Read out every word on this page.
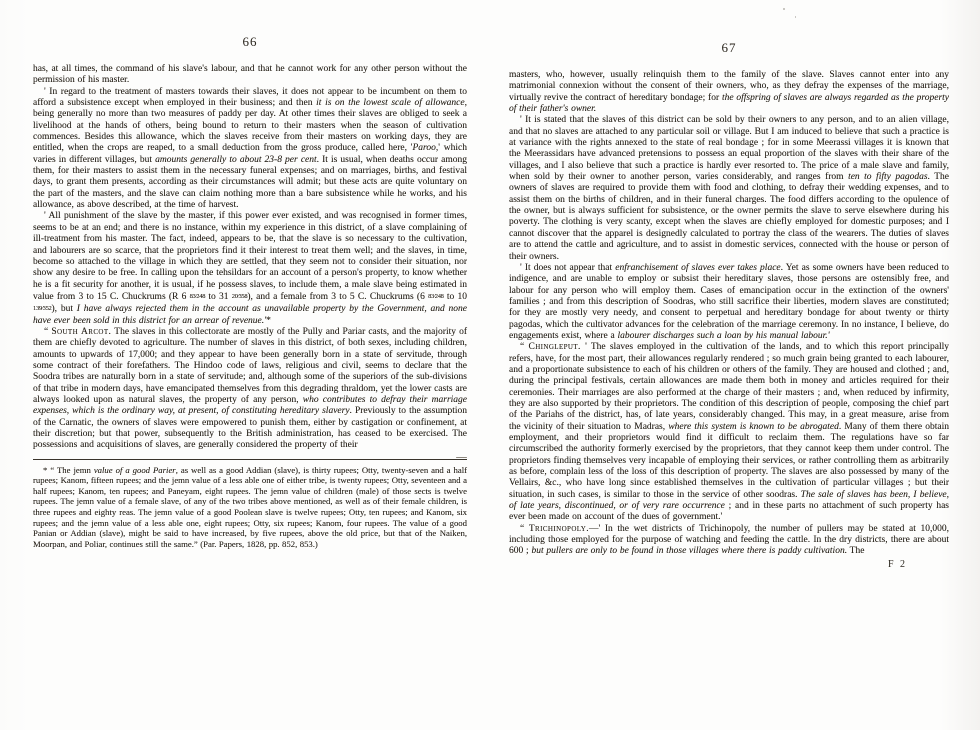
66

has, at all times, the command of his slave's labour, and that he cannot work for any other person without the permission of his master.

' In regard to the treatment of masters towards their slaves, it does not appear to be incumbent on them to afford a subsistence except when employed in their business; and then it is on the lowest scale of allowance, being generally no more than two measures of paddy per day. At other times their slaves are obliged to seek a livelihood at the hands of others, being bound to return to their masters when the season of cultivation commences. Besides this allowance, which the slaves receive from their masters on working days, they are entitled, when the crops are reaped, to a small deduction from the gross produce, called here, 'Paroo,' which varies in different villages, but amounts generally to about 23-8 per cent. It is usual, when deaths occur among them, for their masters to assist them in the necessary funeral expenses; and on marriages, births, and festival days, to grant them presents, according as their circumstances will admit; but these acts are quite voluntary on the part of the masters, and the slave can claim nothing more than a bare subsistence while he works, and his allowance, as above described, at the time of harvest.

' All punishment of the slave by the master, if this power ever existed, and was recognised in former times, seems to be at an end; and there is no instance, within my experience in this district, of a slave complaining of ill-treatment from his master. The fact, indeed, appears to be, that the slave is so necessary to the cultivation, and labourers are so scarce, that the proprietors find it their interest to treat them well; and the slaves, in time, become so attached to the village in which they are settled, that they seem not to consider their situation, nor show any desire to be free. In calling upon the tehsildars for an account of a person's property, to know whether he is a fit security for another, it is usual, if he possess slaves, to include them, a male slave being estimated in value from 3 to 15 C. Chuckrums (R 6 83⁄248 to 31 20⁄358), and a female from 3 to 5 C. Chuckrums (6 83⁄248 to 10 139⁄352), but I have always rejected them in the account as unavailable property by the Government, and none have ever been sold in this district for an arrear of revenue.'*

“ South Arcot. The slaves in this collectorate are mostly of the Pully and Pariar casts, and the majority of them are chiefly devoted to agriculture. The number of slaves in this district, of both sexes, including children, amounts to upwards of 17,000; and they appear to have been generally born in a state of servitude, through some contract of their forefathers. The Hindoo code of laws, religious and civil, seems to declare that the Soodra tribes are naturally born in a state of servitude; and, although some of the superiors of the sub-divisions of that tribe in modern days, have emancipated themselves from this degrading thraldom, yet the lower casts are always looked upon as natural slaves, the property of any person, who contributes to defray their marriage expenses, which is the ordinary way, at present, of constituting hereditary slavery. Previously to the assumption of the Carnatic, the owners of slaves were empowered to punish them, either by castigation or confinement, at their discretion; but that power, subsequently to the British administration, has ceased to be exercised. The possessions and acquisitions of slaves, are generally considered the property of their

* “ The jemn value of a good Parier, as well as a good Addian (slave), is thirty rupees; Otty, twenty-seven and a half rupees; Kanom, fifteen rupees; and the jemn value of a less able one of either tribe, is twenty rupees; Otty, seventeen and a half rupees; Kanom, ten rupees; and Paneyam, eight rupees. The jemn value of children (male) of those sects is twelve rupees. The jemn value of a female slave, of any of the two tribes above mentioned, as well as of their female children, is three rupees and eighty reas. The jemn value of a good Poolean slave is twelve rupees; Otty, ten rupees; and Kanom, six rupees; and the jemn value of a less able one, eight rupees; Otty, six rupees; Kanom, four rupees. The value of a good Panian or Addian (slave), might be said to have increased, by five rupees, above the old price, but that of the Naiken, Moorpan, and Poliar, continues still the same.” (Par. Papers, 1828, pp. 852, 853.)

67

masters, who, however, usually relinquish them to the family of the slave. Slaves cannot enter into any matrimonial connexion without the consent of their owners, who, as they defray the expenses of the marriage, virtually revive the contract of hereditary bondage; for the offspring of slaves are always regarded as the property of their father's owner.

' It is stated that the slaves of this district can be sold by their owners to any person, and to an alien village, and that no slaves are attached to any particular soil or village. But I am induced to believe that such a practice is at variance with the rights annexed to the state of real bondage ; for in some Meerassi villages it is known that the Meerassidars have advanced pretensions to possess an equal proportion of the slaves with their share of the villages, and I also believe that such a practice is hardly ever resorted to. The price of a male slave and family, when sold by their owner to another person, varies considerably, and ranges from ten to fifty pagodas. The owners of slaves are required to provide them with food and clothing, to defray their wedding expenses, and to assist them on the births of children, and in their funeral charges. The food differs according to the opulence of the owner, but is always sufficient for subsistence, or the owner permits the slave to serve elsewhere during his poverty. The clothing is very scanty, except when the slaves are chiefly employed for domestic purposes; and I cannot discover that the apparel is designedly calculated to portray the class of the wearers. The duties of slaves are to attend the cattle and agriculture, and to assist in domestic services, connected with the house or person of their owners.

' It does not appear that enfranchisement of slaves ever takes place. Yet as some owners have been reduced to indigence, and are unable to employ or subsist their hereditary slaves, those persons are ostensibly free, and labour for any person who will employ them. Cases of emancipation occur in the extinction of the owners' families ; and from this description of Soodras, who still sacrifice their liberties, modern slaves are constituted; for they are mostly very needy, and consent to perpetual and hereditary bondage for about twenty or thirty pagodas, which the cultivator advances for the celebration of the marriage ceremony. In no instance, I believe, do engagements exist, where a labourer discharges such a loan by his manual labour.'

“ Chingleput. ' The slaves employed in the cultivation of the lands, and to which this report principally refers, have, for the most part, their allowances regularly rendered ; so much grain being granted to each labourer, and a proportionate subsistence to each of his children or others of the family. They are housed and clothed ; and, during the principal festivals, certain allowances are made them both in money and articles required for their ceremonies. Their marriages are also performed at the charge of their masters ; and, when reduced by infirmity, they are also supported by their proprietors. The condition of this description of people, composing the chief part of the Pariahs of the district, has, of late years, considerably changed. This may, in a great measure, arise from the vicinity of their situation to Madras, where this system is known to be abrogated. Many of them there obtain employment, and their proprietors would find it difficult to reclaim them. The regulations have so far circumscribed the authority formerly exercised by the proprietors, that they cannot keep them under control. The proprietors finding themselves very incapable of employing their services, or rather controlling them as arbitrarily as before, complain less of the loss of this description of property. The slaves are also possessed by many of the Vellairs, &c., who have long since established themselves in the cultivation of particular villages ; but their situation, in such cases, is similar to those in the service of other soodras. The sale of slaves has been, I believe, of late years, discontinued, or of very rare occurrence ; and in these parts no attachment of such property has ever been made on account of the dues of government.'

“ Trichinopoly.—' In the wet districts of Trichinopoly, the number of pullers may be stated at 10,000, including those employed for the purpose of watching and feeding the cattle. In the dry districts, there are about 600 ; but pullers are only to be found in those villages where there is paddy cultivation. The

F 2
